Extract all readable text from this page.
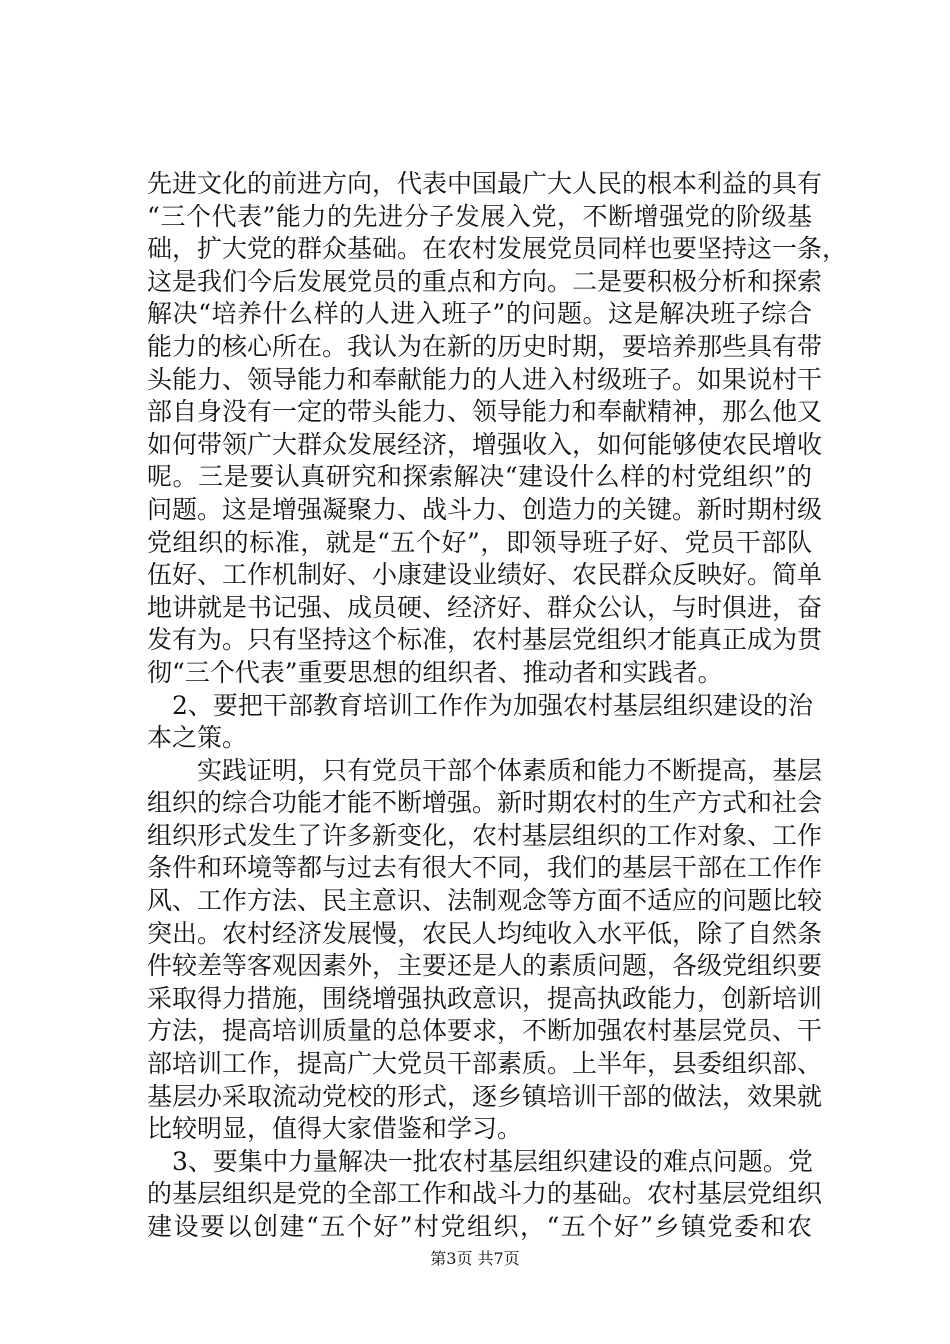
先进文化的前进方向，代表中国最广大人民的根本利益的具有
“三个代表”能力的先进分子发展入党，不断增强党的阶级基
础，扩大党的群众基础。在农村发展党员同样也要坚持这一条，
这是我们今后发展党员的重点和方向。二是要积极分析和探索
解决“培养什么样的人进入班子”的问题。这是解决班子综合
能力的核心所在。我认为在新的历史时期，要培养那些具有带
头能力、领导能力和奉献能力的人进入村级班子。如果说村干
部自身没有一定的带头能力、领导能力和奉献精神，那么他又
如何带领广大群众发展经济，增强收入，如何能够使农民增收
呢。三是要认真研究和探索解决“建设什么样的村党组织”的
问题。这是增强凝聚力、战斗力、创造力的关键。新时期村级
党组织的标准，就是“五个好”，即领导班子好、党员干部队
伍好、工作机制好、小康建设业绩好、农民群众反映好。简单
地讲就是书记强、成员硬、经济好、群众公认，与时俱进，奋
发有为。只有坚持这个标准，农村基层党组织才能真正成为贯
彻“三个代表”重要思想的组织者、推动者和实践者。
　2、要把干部教育培训工作作为加强农村基层组织建设的治
本之策。
　　实践证明，只有党员干部个体素质和能力不断提高，基层
组织的综合功能才能不断增强。新时期农村的生产方式和社会
组织形式发生了许多新变化，农村基层组织的工作对象、工作
条件和环境等都与过去有很大不同，我们的基层干部在工作作
风、工作方法、民主意识、法制观念等方面不适应的问题比较
突出。农村经济发展慢，农民人均纯收入水平低，除了自然条
件较差等客观因素外，主要还是人的素质问题，各级党组织要
采取得力措施，围绕增强执政意识，提高执政能力，创新培训
方法，提高培训质量的总体要求，不断加强农村基层党员、干
部培训工作，提高广大党员干部素质。上半年，县委组织部、
基层办采取流动党校的形式，逐乡镇培训干部的做法，效果就
比较明显，值得大家借鉴和学习。
　3、要集中力量解决一批农村基层组织建设的难点问题。党
的基层组织是党的全部工作和战斗力的基础。农村基层党组织
建设要以创建“五个好”村党组织，“五个好”乡镇党委和农
第3页 共7页
